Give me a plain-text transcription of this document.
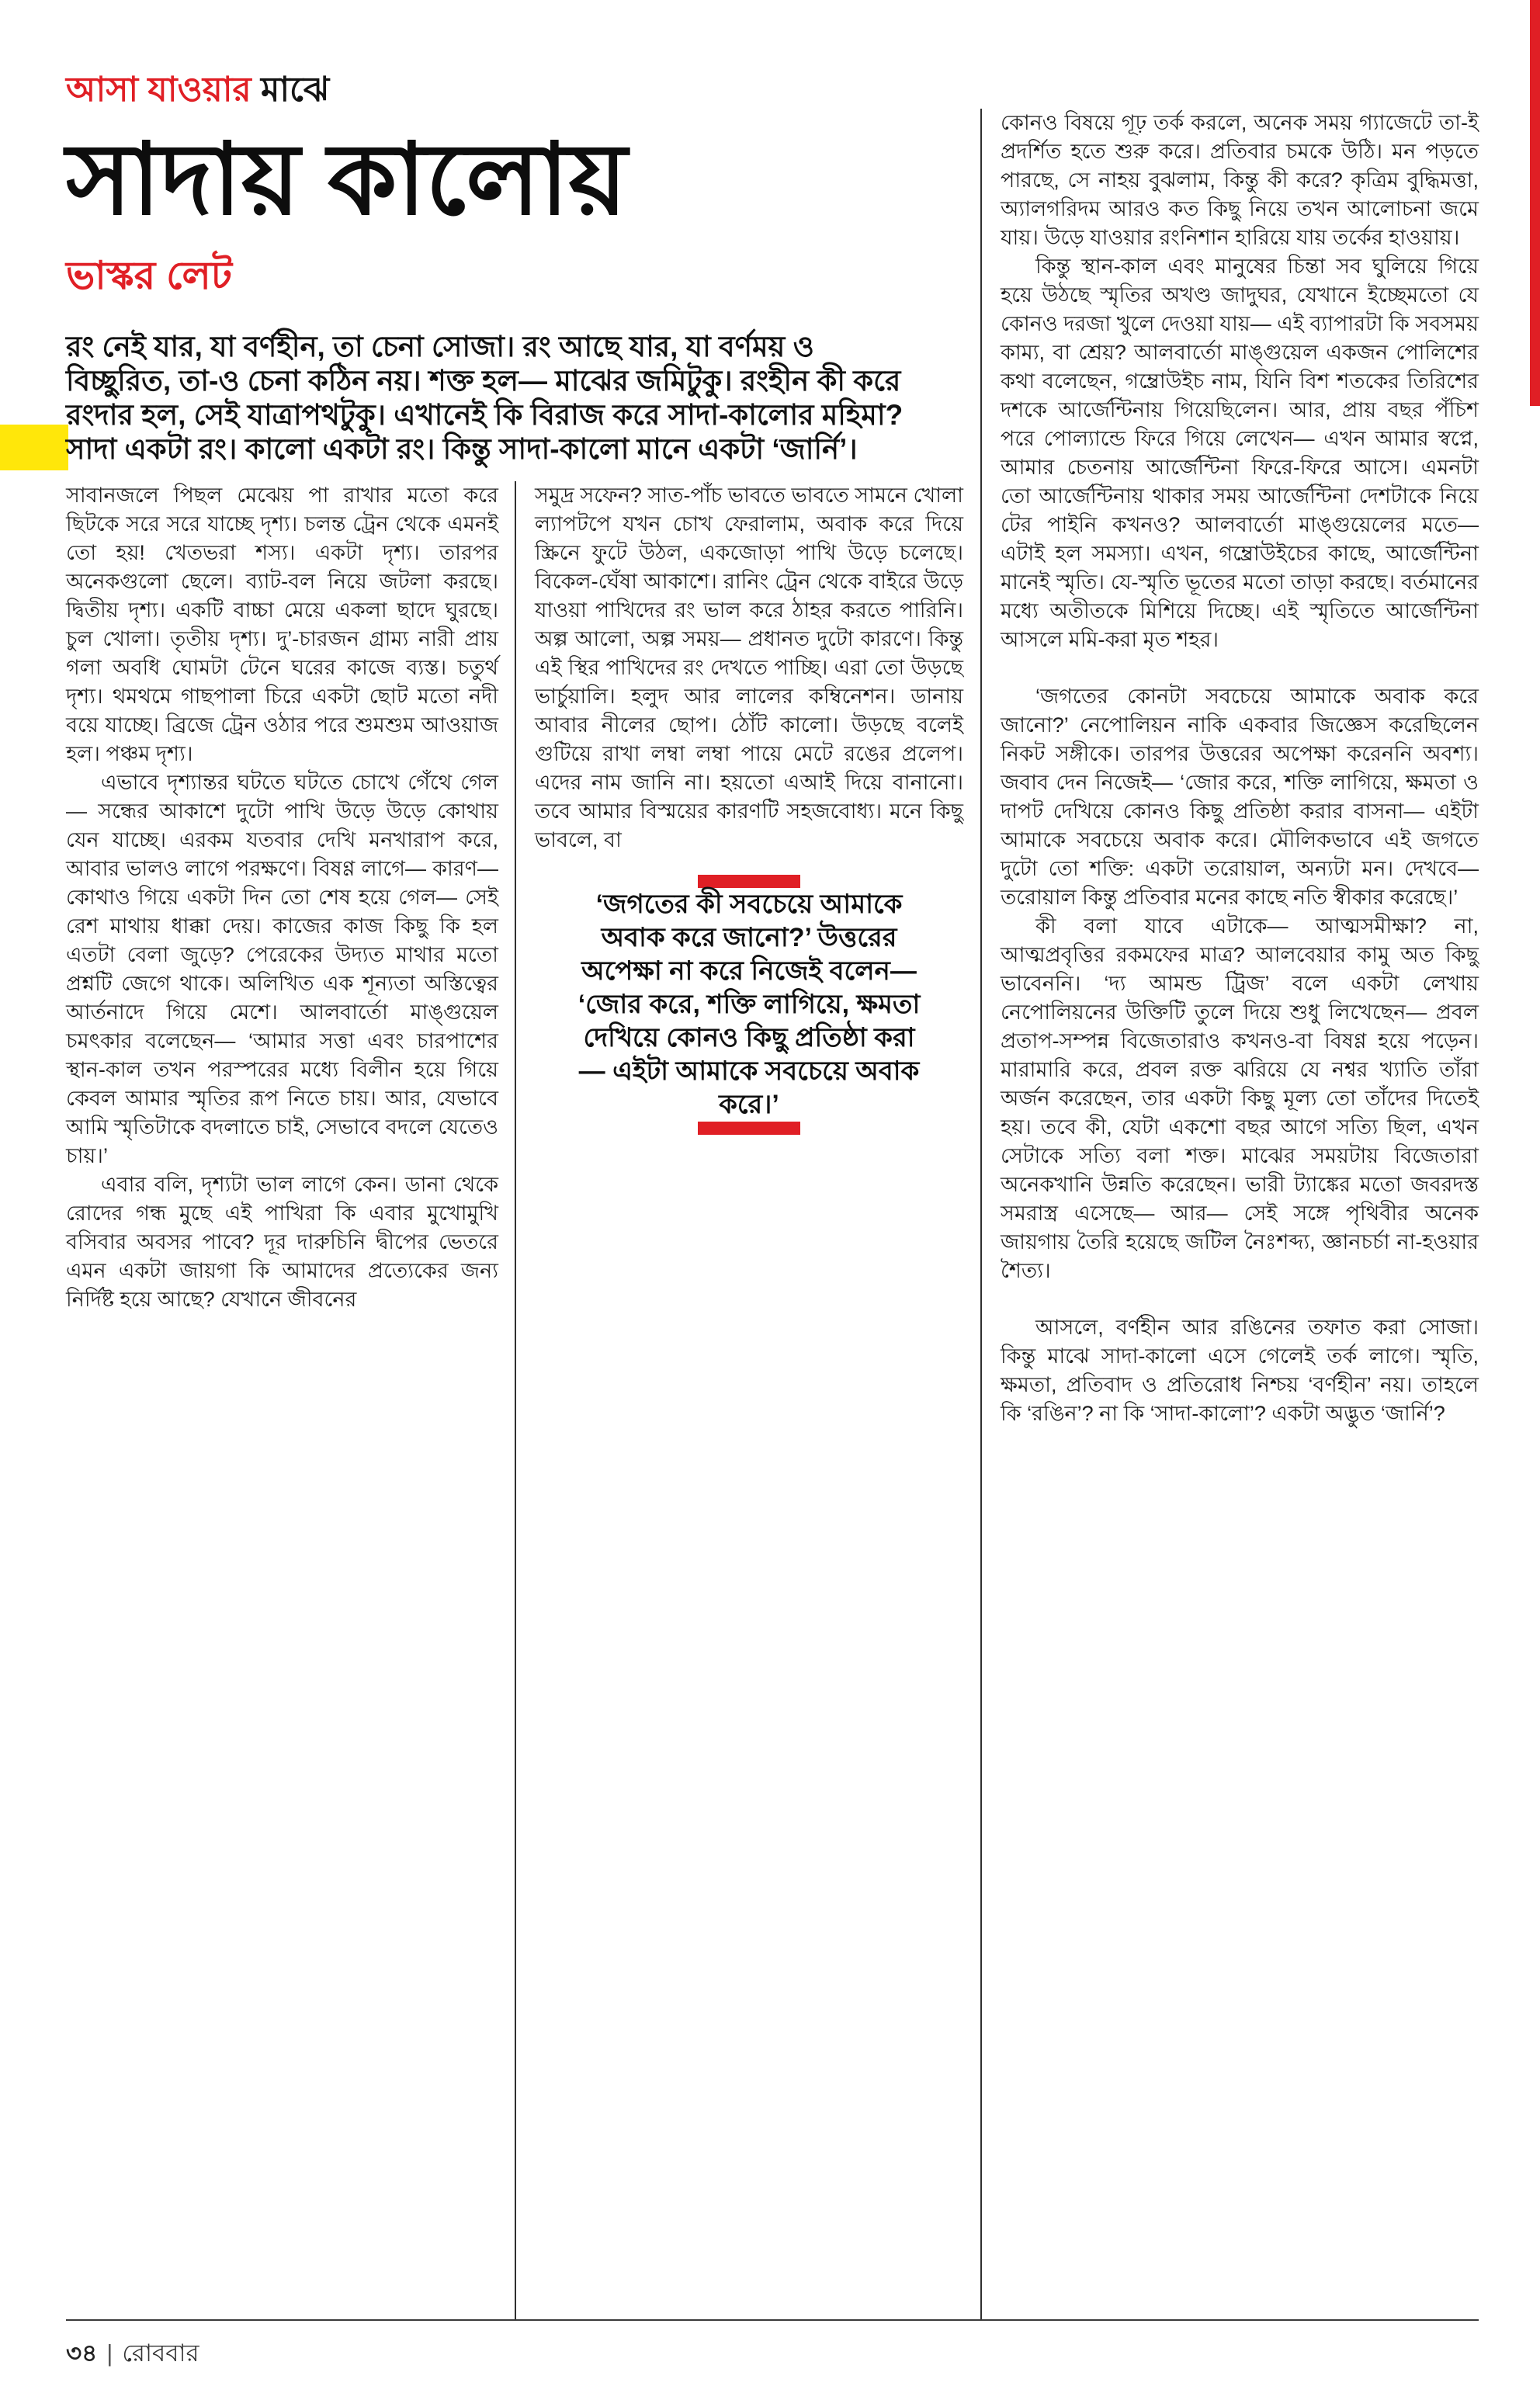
আসা যাওয়ার মাঝে
সাদায় কালোয়
ভাস্কর লেট

রং নেই যার, যা বর্ণহীন, তা চেনা সোজা। রং আছে যার, যা বর্ণময় ও বিচ্ছুরিত, তা-ও চেনা কঠিন নয়। শক্ত হল— মাঝের জমিটুকু। রংহীন কী করে রংদার হল, সেই যাত্রাপথটুকু। এখানেই কি বিরাজ করে সাদা-কালোর মহিমা? সাদা একটা রং। কালো একটা রং। কিন্তু সাদা-কালো মানে একটা ‘জার্নি’।

সাবানজলে পিছল মেঝেয় পা রাখার মতো করে ছিটকে সরে সরে যাচ্ছে দৃশ্য। চলন্ত ট্রেন থেকে এমনই তো হয়! খেতভরা শস্য। একটা দৃশ্য। তারপর অনেকগুলো ছেলে। ব্যাট-বল নিয়ে জটলা করছে। দ্বিতীয় দৃশ্য। একটি বাচ্চা মেয়ে একলা ছাদে ঘুরছে। চুল খোলা। তৃতীয় দৃশ্য। দু’-চারজন গ্রাম্য নারী প্রায় গলা অবধি ঘোমটা টেনে ঘরের কাজে ব্যস্ত। চতুর্থ দৃশ্য। থমথমে গাছপালা চিরে একটা ছোট মতো নদী বয়ে যাচ্ছে। ব্রিজে ট্রেন ওঠার পরে শুমশুম আওয়াজ হল। পঞ্চম দৃশ্য।

এভাবে দৃশ্যান্তর ঘটতে ঘটতে চোখে গেঁথে গেল— সন্ধের আকাশে দুটো পাখি উড়ে উড়ে কোথায় যেন যাচ্ছে। এরকম যতবার দেখি মনখারাপ করে, আবার ভালও লাগে পরক্ষণে। বিষণ্ণ লাগে— কারণ— কোথাও গিয়ে একটা দিন তো শেষ হয়ে গেল— সেই রেশ মাথায় ধাক্কা দেয়। কাজের কাজ কিছু কি হল এতটা বেলা জুড়ে? পেরেকের উদ্যত মাথার মতো প্রশ্নটি জেগে থাকে। অলিখিত এক শূন্যতা অস্তিত্বের আর্তনাদে গিয়ে মেশে। আলবার্তো মাঙ্গুয়েল চমৎকার বলেছেন— ‘আমার সত্তা এবং চারপাশের স্থান-কাল তখন পরস্পরের মধ্যে বিলীন হয়ে গিয়ে কেবল আমার স্মৃতির রূপ নিতে চায়। আর, যেভাবে আমি স্মৃতিটাকে বদলাতে চাই, সেভাবে বদলে যেতেও চায়।’

এবার বলি, দৃশ্যটা ভাল লাগে কেন। ডানা থেকে রোদের গন্ধ মুছে এই পাখিরা কি এবার মুখোমুখি বসিবার অবসর পাবে? দূর দারুচিনি দ্বীপের ভেতরে এমন একটা জায়গা কি আমাদের প্রত্যেকের জন্য নির্দিষ্ট হয়ে আছে? যেখানে জীবনের

সমুদ্র সফেন? সাত-পাঁচ ভাবতে ভাবতে সামনে খোলা ল্যাপটপে যখন চোখ ফেরালাম, অবাক করে দিয়ে স্ক্রিনে ফুটে উঠল, একজোড়া পাখি উড়ে চলেছে। বিকেল-ঘেঁষা আকাশে। রানিং ট্রেন থেকে বাইরে উড়ে যাওয়া পাখিদের রং ভাল করে ঠাহর করতে পারিনি। অল্প আলো, অল্প সময়— প্রধানত দুটো কারণে। কিন্তু এই স্থির পাখিদের রং দেখতে পাচ্ছি। এরা তো উড়ছে ভার্চুয়ালি। হলুদ আর লালের কম্বিনেশন। ডানায় আবার নীলের ছোপ। ঠোঁট কালো। উড়ছে বলেই গুটিয়ে রাখা লম্বা লম্বা পায়ে মেটে রঙের প্রলেপ। এদের নাম জানি না। হয়তো এআই দিয়ে বানানো। তবে আমার বিস্ময়ের কারণটি সহজবোধ্য। মনে কিছু ভাবলে, বা

‘জগতের কী সবচেয়ে আমাকে অবাক করে জানো?’ উত্তরের অপেক্ষা না করে নিজেই বলেন— ‘জোর করে, শক্তি লাগিয়ে, ক্ষমতা দেখিয়ে কোনও কিছু প্রতিষ্ঠা করা— এইটা আমাকে সবচেয়ে অবাক করে।’

কোনও বিষয়ে গূঢ় তর্ক করলে, অনেক সময় গ্যাজেটে তা-ই প্রদর্শিত হতে শুরু করে। প্রতিবার চমকে উঠি। মন পড়তে পারছে, সে নাহয় বুঝলাম, কিন্তু কী করে? কৃত্রিম বুদ্ধিমত্তা, অ্যালগরিদম আরও কত কিছু নিয়ে তখন আলোচনা জমে যায়। উড়ে যাওয়ার রংনিশান হারিয়ে যায় তর্কের হাওয়ায়।

কিন্তু স্থান-কাল এবং মানুষের চিন্তা সব ঘুলিয়ে গিয়ে হয়ে উঠছে স্মৃতির অখণ্ড জাদুঘর, যেখানে ইচ্ছেমতো যে কোনও দরজা খুলে দেওয়া যায়— এই ব্যাপারটা কি সবসময় কাম্য, বা শ্রেয়? আলবার্তো মাঙ্গুয়েল একজন পোলিশের কথা বলেছেন, গম্ব্রোউইচ নাম, যিনি বিশ শতকের তিরিশের দশকে আর্জেন্টিনায় গিয়েছিলেন। আর, প্রায় বছর পঁচিশ পরে পোল্যান্ডে ফিরে গিয়ে লেখেন— এখন আমার স্বপ্নে, আমার চেতনায় আর্জেন্টিনা ফিরে-ফিরে আসে। এমনটা তো আর্জেন্টিনায় থাকার সময় আর্জেন্টিনা দেশটাকে নিয়ে টের পাইনি কখনও? আলবার্তো মাঙ্গুয়েলের মতে— এটাই হল সমস্যা। এখন, গম্ব্রোউইচের কাছে, আর্জেন্টিনা মানেই স্মৃতি। যে-স্মৃতি ভূতের মতো তাড়া করছে। বর্তমানের মধ্যে অতীতকে মিশিয়ে দিচ্ছে। এই স্মৃতিতে আর্জেন্টিনা আসলে মমি-করা মৃত শহর।

‘জগতের কোনটা সবচেয়ে আমাকে অবাক করে জানো?’ নেপোলিয়ন নাকি একবার জিজ্ঞেস করেছিলেন নিকট সঙ্গীকে। তারপর উত্তরের অপেক্ষা করেননি অবশ্য। জবাব দেন নিজেই— ‘জোর করে, শক্তি লাগিয়ে, ক্ষমতা ও দাপট দেখিয়ে কোনও কিছু প্রতিষ্ঠা করার বাসনা— এইটা আমাকে সবচেয়ে অবাক করে। মৌলিকভাবে এই জগতে দুটো তো শক্তি: একটা তরোয়াল, অন্যটা মন। দেখবে— তরোয়াল কিন্তু প্রতিবার মনের কাছে নতি স্বীকার করেছে।’

কী বলা যাবে এটাকে— আত্মসমীক্ষা? না, আত্মপ্রবৃত্তির রকমফের মাত্র? আলবেয়ার কামু অত কিছু ভাবেননি। ‘দ্য আমন্ড ট্রিজ’ বলে একটা লেখায় নেপোলিয়নের উক্তিটি তুলে দিয়ে শুধু লিখেছেন— প্রবল প্রতাপ-সম্পন্ন বিজেতারাও কখনও-বা বিষণ্ণ হয়ে পড়েন। মারামারি করে, প্রবল রক্ত ঝরিয়ে যে নশ্বর খ্যাতি তাঁরা অর্জন করেছেন, তার একটা কিছু মূল্য তো তাঁদের দিতেই হয়। তবে কী, যেটা একশো বছর আগে সত্যি ছিল, এখন সেটাকে সত্যি বলা শক্ত। মাঝের সময়টায় বিজেতারা অনেকখানি উন্নতি করেছেন। ভারী ট্যাঙ্কের মতো জবরদস্ত সমরাস্ত্র এসেছে— আর— সেই সঙ্গে পৃথিবীর অনেক জায়গায় তৈরি হয়েছে জটিল নৈঃশব্দ্য, জ্ঞানচর্চা না-হওয়ার শৈত্য।

আসলে, বর্ণহীন আর রঙিনের তফাত করা সোজা। কিন্তু মাঝে সাদা-কালো এসে গেলেই তর্ক লাগে। স্মৃতি, ক্ষমতা, প্রতিবাদ ও প্রতিরোধ নিশ্চয় ‘বর্ণহীন’ নয়। তাহলে কি ‘রঙিন’? না কি ‘সাদা-কালো’? একটা অদ্ভুত ‘জার্নি’?

৩৪ | রোববার
